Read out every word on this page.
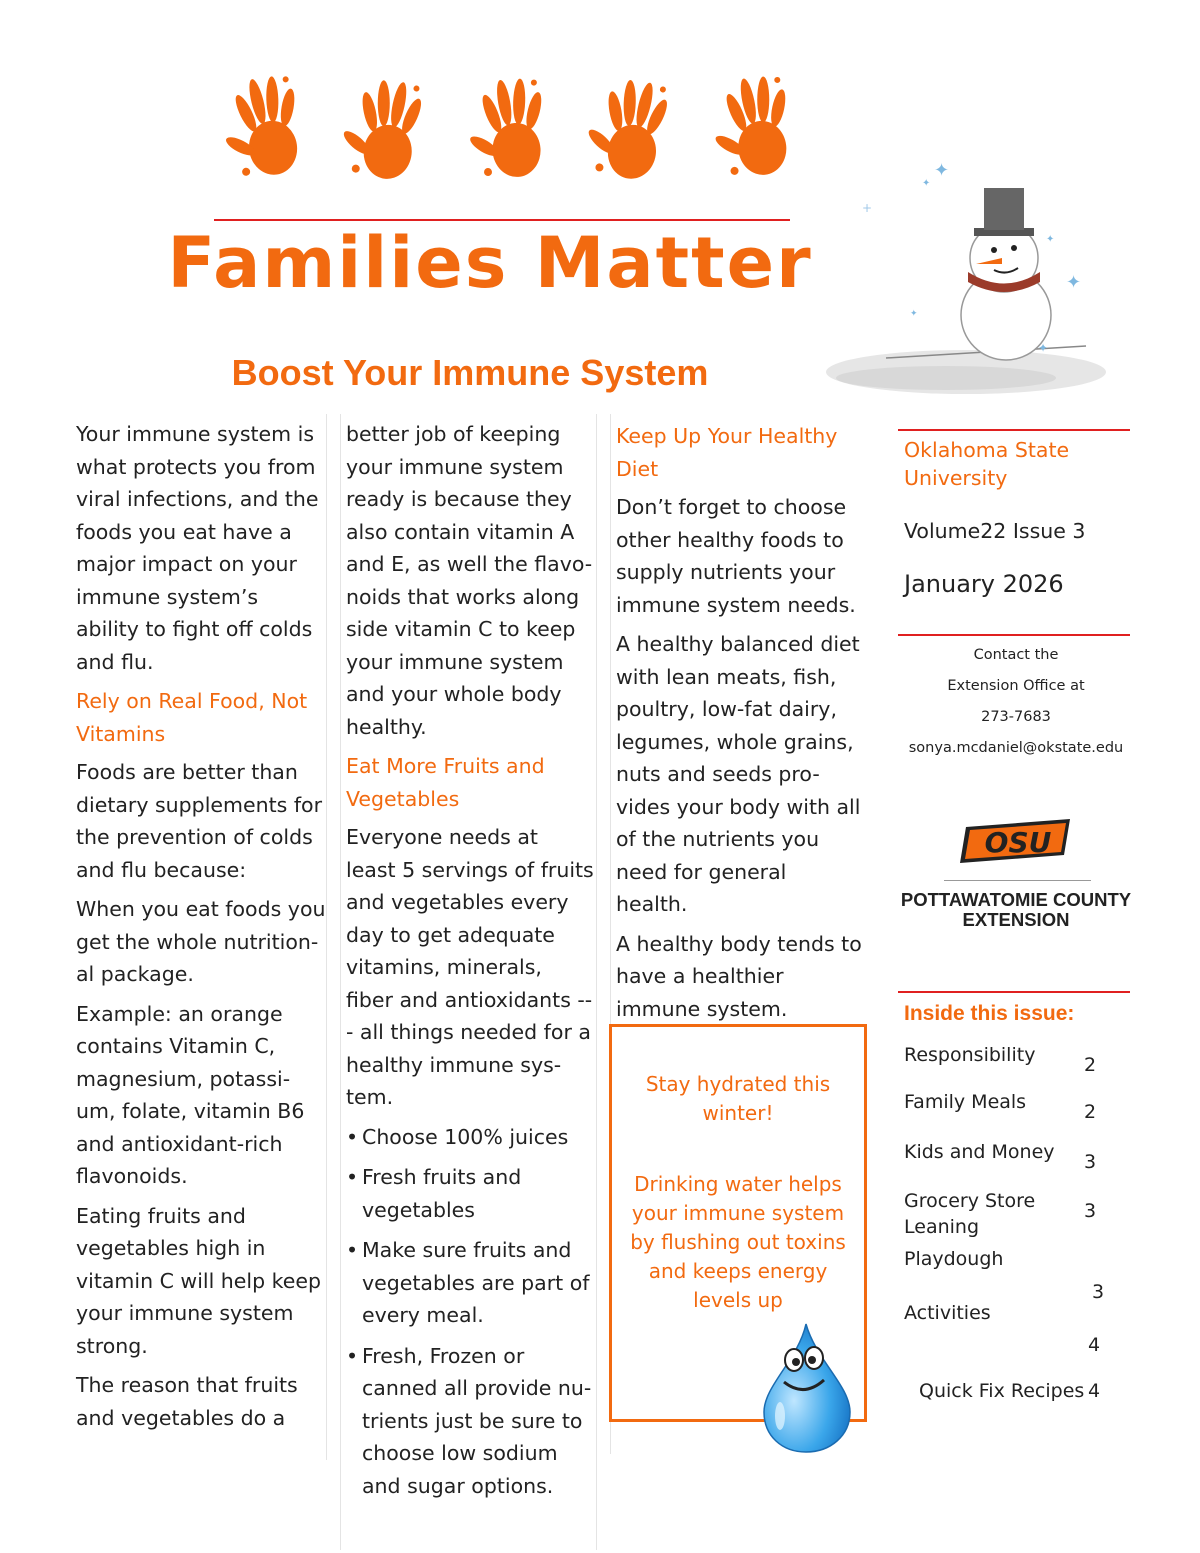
Families Matter
✦
✦
+
✦
✦
✦
✦
Boost Your Immune System

Your immune system is what protects you from viral infections, and the foods you eat have a major impact on your immune system’s ability to fight off colds and flu.

Rely on Real Food, Not Vitamins

Foods are better than dietary supplements for the prevention of colds and flu because:

When you eat foods you get the whole nutrition-al package.

Example: an orange contains Vitamin C, magnesium, potassi-um, folate, vitamin B6 and antioxidant-rich flavonoids.

Eating fruits and vegetables high in vitamin C will help keep your immune system strong.

The reason that fruits and vegetables do a

better job of keeping your immune system ready is because they also contain vitamin A and E, as well the flavo-noids that works along side vitamin C to keep your immune system and your whole body healthy.

Eat More Fruits and Vegetables

Everyone needs at least 5 servings of fruits and vegetables every day to get adequate vitamins, minerals, fiber and antioxidants --- all things needed for a healthy immune sys-tem.

• Choose 100% juices
• Fresh fruits and vegetables
• Make sure fruits and vegetables are part of every meal.
• Fresh, Frozen or canned all provide nu-trients just be sure to choose low sodium and sugar options.
Keep Up Your Healthy Diet

Don’t forget to choose other healthy foods to supply nutrients your immune system needs.

A healthy balanced diet with lean meats, fish, poultry, low-fat dairy, legumes, whole grains, nuts and seeds pro-vides your body with all of the nutrients you need for general health.

A healthy body tends to have a healthier immune system.

Stay hydrated this winter!
Drinking water helps your immune system by flushing out toxins and keeps energy levels up
Oklahoma State University
Volume22 Issue 3
January 2026
Contact the
Extension Office at
273-7683
sonya.mcdaniel@okstate.edu
OSU
POTTAWATOMIE COUNTY EXTENSION
Inside this issue:
Responsibility	2
Family Meals	2
Kids and Money 3
Grocery Store Leaning
3
Playdough
3
Activities
4
Quick Fix Recipes 4
